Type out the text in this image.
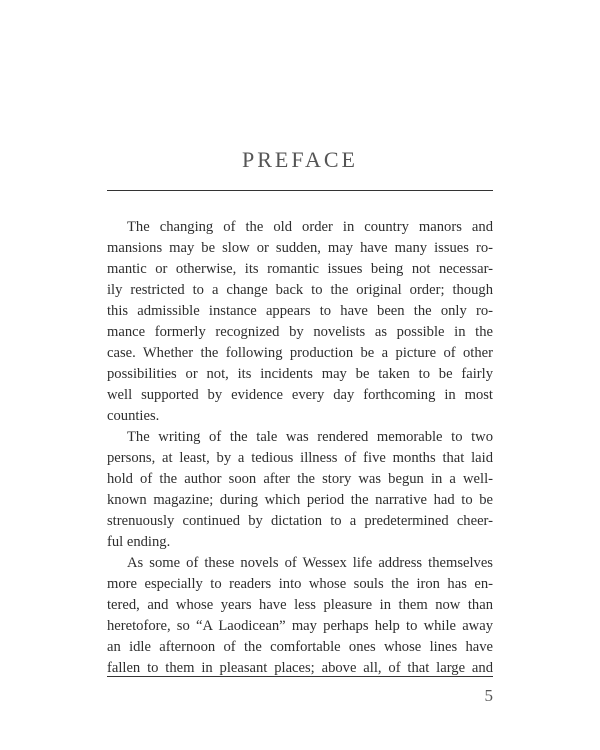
PREFACE

The changing of the old order in country manors and
mansions may be slow or sudden, may have many issues ro-
mantic or otherwise, its romantic issues being not necessar-
ily restricted to a change back to the original order; though
this admissible instance appears to have been the only ro-
mance formerly recognized by novelists as possible in the
case. Whether the following production be a picture of other
possibilities or not, its incidents may be taken to be fairly
well supported by evidence every day forthcoming in most
counties.

The writing of the tale was rendered memorable to two
persons, at least, by a tedious illness of five months that laid
hold of the author soon after the story was begun in a well-
known magazine; during which period the narrative had to be
strenuously continued by dictation to a predetermined cheer-
ful ending.

As some of these novels of Wessex life address themselves
more especially to readers into whose souls the iron has en-
tered, and whose years have less pleasure in them now than
heretofore, so “A Laodicean” may perhaps help to while away
an idle afternoon of the comfortable ones whose lines have
fallen to them in pleasant places; above all, of that large and

5
